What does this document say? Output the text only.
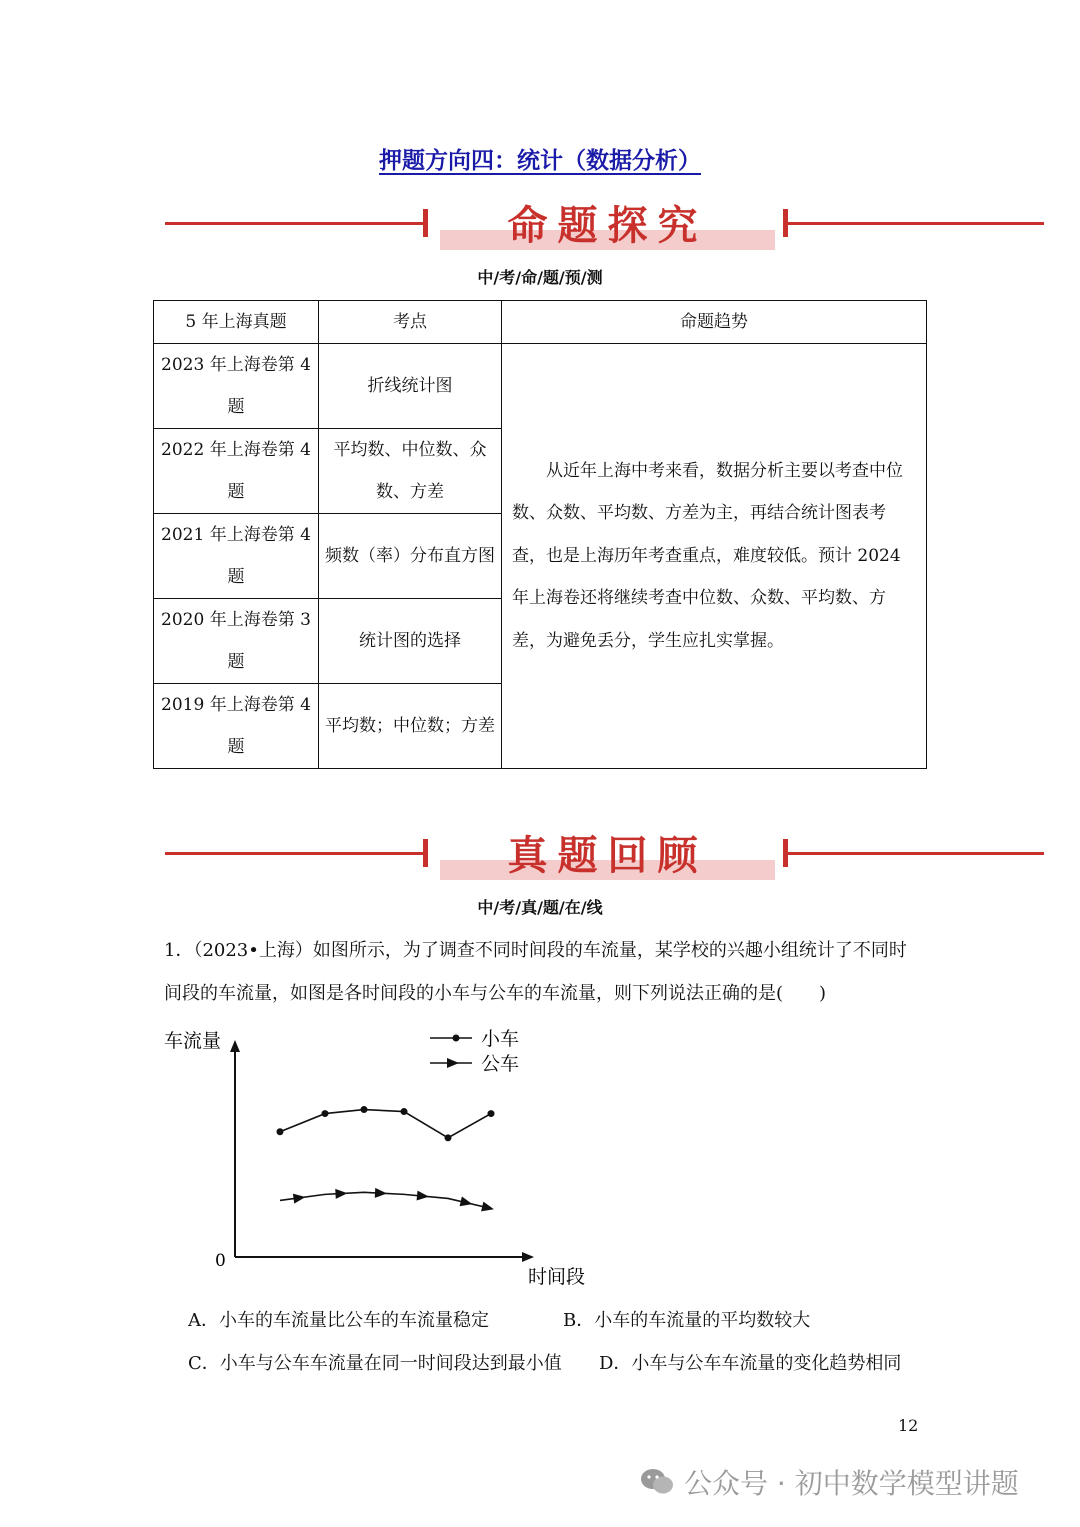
押题方向四：统计（数据分析）
命题探究
中/考/命/题/预/测
5 年上海真题	考点	命题趋势
2023 年上海卷第 4 题	折线统计图	从近年上海中考来看，数据分析主要以考查中位数、众数、平均数、方差为主，再结合统计图表考查，也是上海历年考查重点，难度较低。预计 2024 年上海卷还将继续考查中位数、众数、平均数、方差，为避免丢分，学生应扎实掌握。
2022 年上海卷第 4 题	平均数、中位数、众数、方差	
2021 年上海卷第 4 题	频数（率）分布直方图	
2020 年上海卷第 3 题	统计图的选择	
2019 年上海卷第 4 题	平均数；中位数；方差	
真题回顾
中/考/真/题/在/线
1．（2023•上海）如图所示，为了调查不同时间段的车流量，某学校的兴趣小组统计了不同时间段的车流量，如图是各时间段的小车与公车的车流量，则下列说法正确的是(　　)
车流量
时间段
0
小车
公车
A．小车的车流量比公车的车流量稳定	B．小车的车流量的平均数较大
C．小车与公车车流量在同一时间段达到最小值 D．小车与公车车流量的变化趋势相同
12
公众号 · 初中数学模型讲题
